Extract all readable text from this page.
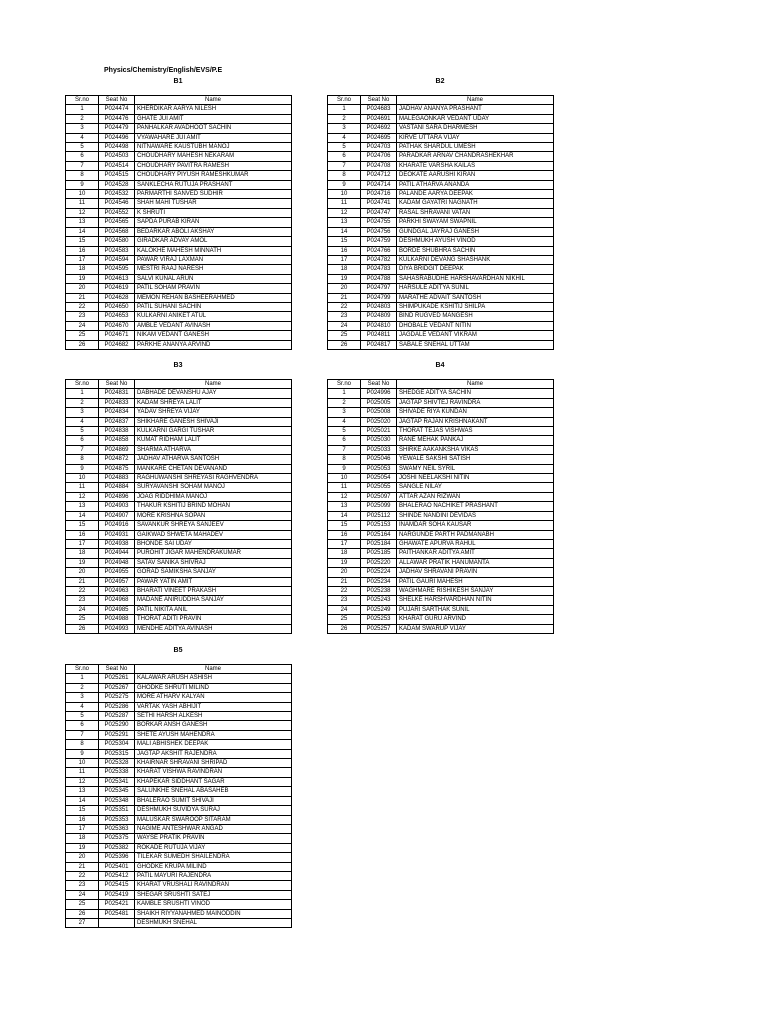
Physics/Chemistry/English/EVS/P.E
B1
Sr.no	Seat No	Name
1	P024474	KHERDIKAR AARYA NILESH
2	P024476	GHATE JUI AMIT
3	P024479	PANHALKAR AVADHOOT SACHIN
4	P024496	VYAWAHARE JUI AMIT
5	P024498	NITNAWARE KAUSTUBH MANOJ
6	P024503	CHOUDHARY MAHESH NEKARAM
7	P024514	CHOUDHARY PAVITRA RAMESH
8	P024515	CHOUDHARY PIYUSH RAMESHKUMAR
9	P024528	SANKLECHA RUTUJA PRASHANT
10	P024532	PARMARTHI SANVED SUDHIR
11	P024546	SHAH MAHI TUSHAR
12	P024552	K SHRUTI
13	P024565	SAPDA PURAB KIRAN
14	P024568	BEDARKAR ABOLI AKSHAY
15	P024580	GIRADKAR ADVAY AMOL
16	P024583	KALOKHE MAHESH MINNATH
17	P024594	PAWAR VIRAJ LAXMAN
18	P024595	MESTRI RAAJ NARESH
19	P024613	SALVI KUNAL ARUN
20	P024619	PATIL SOHAM PRAVIN
21	P024628	MEMON REHAN BASHEERAHMED
22	P024650	PATIL SUHANI SACHIN
23	P024653	KULKARNI ANIKET ATUL
24	P024670	AMBLE VEDANT AVINASH
25	P024671	NIKAM VEDANT GANESH
26	P024682	PARKHE ANANYA ARVIND
B2
Sr.no	Seat No	Name
1	P024683	JADHAV ANANYA PRASHANT
2	P024691	MALEGAONKAR VEDANT UDAY
3	P024692	VASTANI SARA DHARMESH
4	P024695	KIRVE UTTARA VIJAY
5	P024703	PATHAK SHARDUL UMESH
6	P024706	PARADKAR ARNAV CHANDRASHEKHAR
7	P024708	KHARATE VARSHA KAILAS
8	P024712	DEOKATE AARUSHI KIRAN
9	P024714	PATIL ATHARVA ANANDA
10	P024716	PALANDE AARYA DEEPAK
11	P024741	KADAM GAYATRI NAGNATH
12	P024747	RASAL SHRAVANI VATAN
13	P024755	PARKHI SWAYAM SWAPNIL
14	P024756	GUNDGAL JAYRAJ GANESH
15	P024759	DESHMUKH AYUSH VINOD
16	P024766	BORDE SHUBHRA SACHIN
17	P024782	KULKARNI DEVANG SHASHANK
18	P024783	DIYA BRIDGIT DEEPAK
19	P024788	SAHASRABUDHE HARSHAVARDHAN NIKHIL
20	P024797	HARSULE ADITYA SUNIL
21	P024799	MARATHE ADVAIT SANTOSH
22	P024803	SHIMPUKADE KSHITIJ SHILPA
23	P024809	BIND RUGVED MANGESH
24	P024810	DHOBALE VEDANT NITIN
25	P024811	JAGDALE VEDANT VIKRAM
26	P024817	SABALE SNEHAL UTTAM
B3
Sr.no	Seat No	Name
1	P024831	DABHADE DEVANSHU AJAY
2	P024833	KADAM SHREYA LALIT
3	P024834	YADAV SHREYA VIJAY
4	P024837	SHIKHARE GANESH SHIVAJI
5	P024838	KULKARNI GARGI TUSHAR
6	P024858	KUMAT RIDHAM LALIT
7	P024869	SHARMA ATHARVA
8	P024872	JADHAV ATHARVA SANTOSH
9	P024875	MANKARE CHETAN DEVANAND
10	P024883	RAGHUWANSHI SHREYASI RAGHVENDRA
11	P024884	SURYAVANSHI SOHAM MANOJ
12	P024896	JOAG RIDDHIMA MANOJ
13	P024903	THAKUR KSHITIJ BRIND MOHAN
14	P024907	MORE KRISHNA SOPAN
15	P024916	SAVANKUR SHREYA SANJEEV
16	P024931	GAIKWAD SHWETA MAHADEV
17	P024938	BHONDE SAI UDAY
18	P024944	PUROHIT JIGAR MAHENDRAKUMAR
19	P024948	SATAV SANIKA SHIVRAJ
20	P024955	GORAD SAMIKSHA SANJAY
21	P024957	PAWAR YATIN AMIT
22	P024963	BHARATI VINEET PRAKASH
23	P024968	MADANE ANIRUDDHA SANJAY
24	P024985	PATIL NIKITA ANIL
25	P024988	THORAT ADITI PRAVIN
26	P024993	MENDHE ADITYA AVINASH
B4
Sr.no	Seat No	Name
1	P024996	SHEDGE ADITYA SACHIN
2	P025005	JAGTAP SHIVTEJ RAVINDRA
3	P025008	SHIVADE RIYA KUNDAN
4	P025020	JAGTAP RAJAN KRISHNAKANT
5	P025021	THORAT TEJAS VISHWAS
6	P025030	RANE MEHAK PANKAJ
7	P025033	SHIRKE AAKANKSHA VIKAS
8	P025046	YEWALE SAKSHI SATISH
9	P025053	SWAMY NEIL SYRIL
10	P025054	JOSHI NEELAKSHI NITIN
11	P025055	SANGLE NILAY
12	P025097	ATTAR AZAN RIZWAN
13	P025099	BHALERAO NACHIKET PRASHANT
14	P025112	SHINDE NANDINI DEVIDAS
15	P025153	INAMDAR SOHA KAUSAR
16	P025164	NARGUNDE PARTH PADMANABH
17	P025184	GHAWATE APURVA RAHUL
18	P025185	PAITHANKAR ADITYA AMIT
19	P025220	ALLAWAR PRATIK HANUMANTA
20	P025224	JADHAV SHRAVANI PRAVIN
21	P025234	PATIL GAURI MAHESH
22	P025238	WAGHMARE RISHIKESH SANJAY
23	P025243	SHELKE HARSHVARDHAN NITIN
24	P025249	PUJARI SARTHAK SUNIL
25	P025253	KHARAT GURU ARVIND
26	P025257	KADAM SWARUP VIJAY
B5
Sr.no	Seat No	Name
1	P025261	KALAWAR ARUSH ASHISH
2	P025267	GHODKE SHRUTI MILIND
3	P025275	MORE ATHARV KALYAN
4	P025286	VARTAK YASH ABHIJIT
5	P025287	SETHI HARSH ALKESH
6	P025290	BORKAR ANSH GANESH
7	P025291	SHETE AYUSH MAHENDRA
8	P025304	MALI ABHISHEK DEEPAK
9	P025315	JAGTAP AKSHIT RAJENDRA
10	P025328	KHAIRNAR SHRAVANI SHRIPAD
11	P025338	KHARAT VISHWA RAVINDRAN
12	P025341	KHAPEKAR SIDDHANT SAGAR
13	P025345	SALUNKHE SNEHAL ABASAHEB
14	P025348	BHALERAO SUMIT SHIVAJI
15	P025351	DESHMUKH SUVIDYA SURAJ
16	P025353	MALUSKAR SWAROOP SITARAM
17	P025363	NAGIME ANTESHWAR ANGAD
18	P025375	WAYSE PRATIK PRAVIN
19	P025382	ROKADE RUTUJA VIJAY
20	P025396	TILEKAR SUMEDH SHAILENDRA
21	P025401	GHODKE KRUPA MILIND
22	P025412	PATIL MAYURI RAJENDRA
23	P025415	KHARAT VRUSHALI RAVINDRAN
24	P025419	SHEGAR SRUSHTI SATEJ
25	P025421	KAMBLE SRUSHTI VINOD
26	P025481	SHAIKH RIYYANAHMED MAINODDIN
27		DESHMUKH SNEHAL
